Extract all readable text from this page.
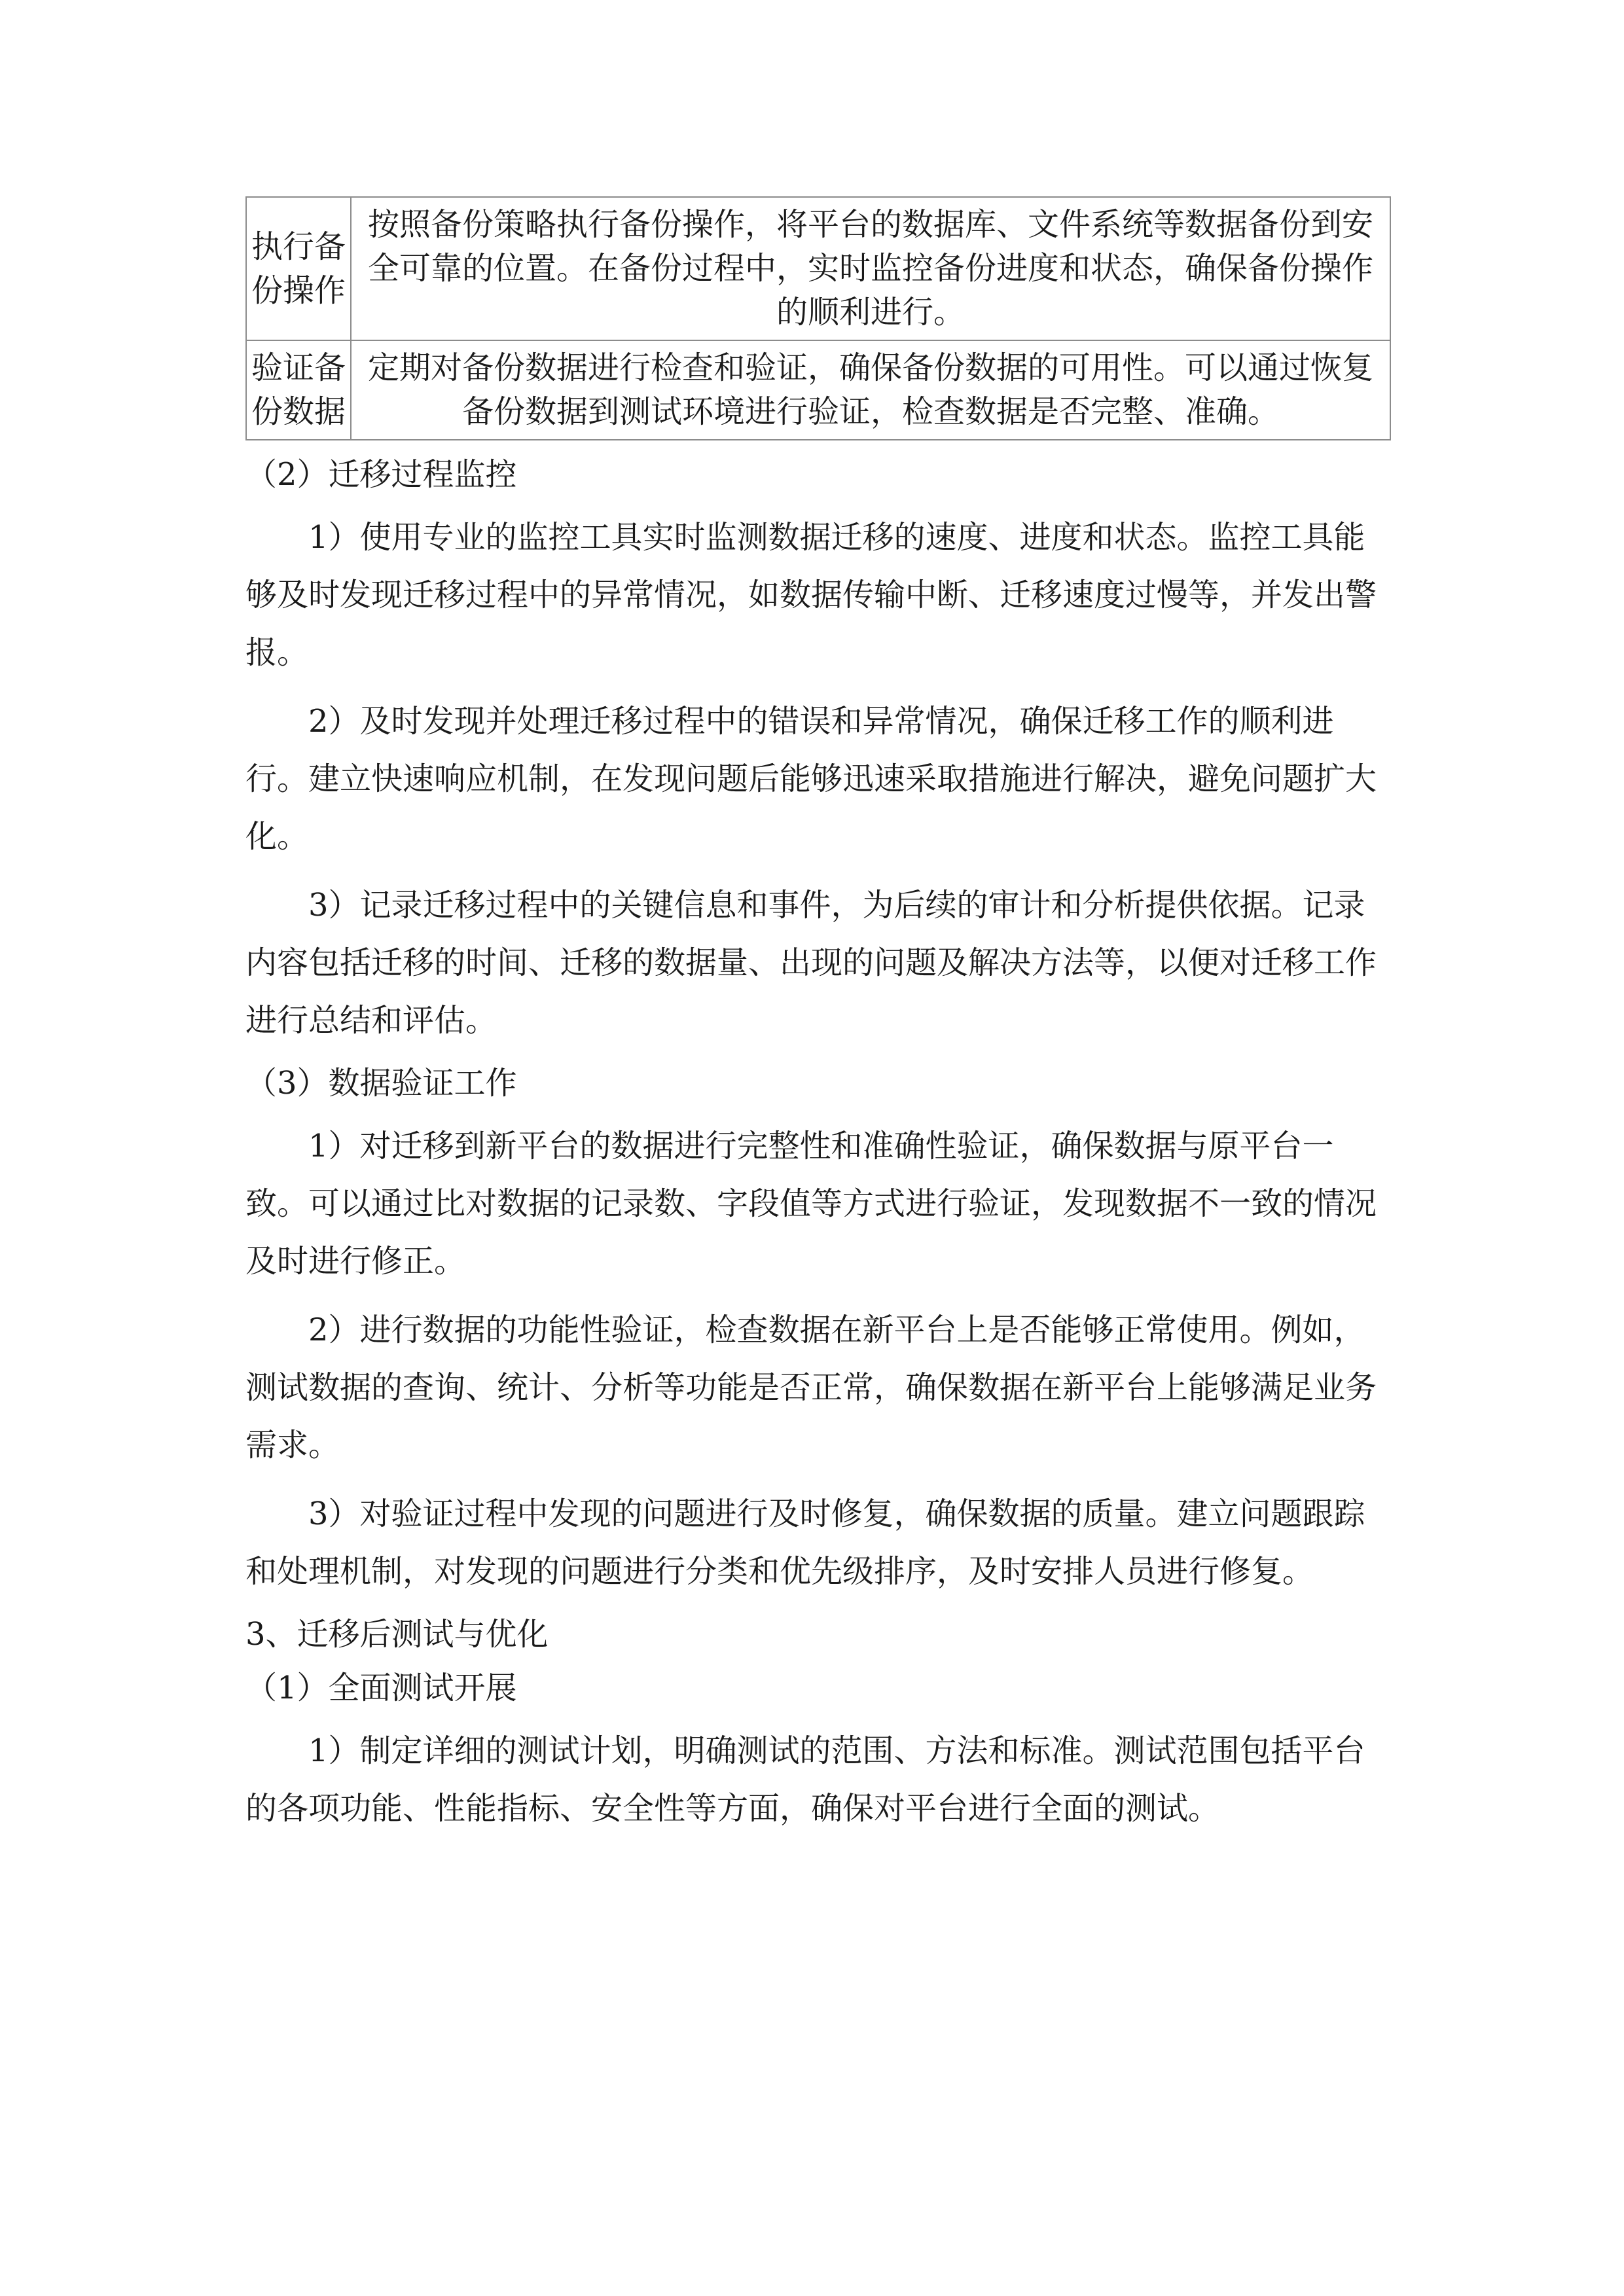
执行备份操作	按照备份策略执行备份操作，将平台的数据库、文件系统等数据备份到安全可靠的位置。在备份过程中，实时监控备份进度和状态，确保备份操作的顺利进行。
验证备份数据	定期对备份数据进行检查和验证，确保备份数据的可用性。可以通过恢复备份数据到测试环境进行验证，检查数据是否完整、准确。
（2）迁移过程监控

1）使用专业的监控工具实时监测数据迁移的速度、进度和状态。监控工具能够及时发现迁移过程中的异常情况，如数据传输中断、迁移速度过慢等，并发出警报。

2）及时发现并处理迁移过程中的错误和异常情况，确保迁移工作的顺利进行。建立快速响应机制，在发现问题后能够迅速采取措施进行解决，避免问题扩大化。

3）记录迁移过程中的关键信息和事件，为后续的审计和分析提供依据。记录内容包括迁移的时间、迁移的数据量、出现的问题及解决方法等，以便对迁移工作进行总结和评估。

（3）数据验证工作

1）对迁移到新平台的数据进行完整性和准确性验证，确保数据与原平台一致。可以通过比对数据的记录数、字段值等方式进行验证，发现数据不一致的情况及时进行修正。

2）进行数据的功能性验证，检查数据在新平台上是否能够正常使用。例如，测试数据的查询、统计、分析等功能是否正常，确保数据在新平台上能够满足业务需求。

3）对验证过程中发现的问题进行及时修复，确保数据的质量。建立问题跟踪和处理机制，对发现的问题进行分类和优先级排序，及时安排人员进行修复。

3、迁移后测试与优化
（1）全面测试开展

1）制定详细的测试计划，明确测试的范围、方法和标准。测试范围包括平台的各项功能、性能指标、安全性等方面，确保对平台进行全面的测试。
